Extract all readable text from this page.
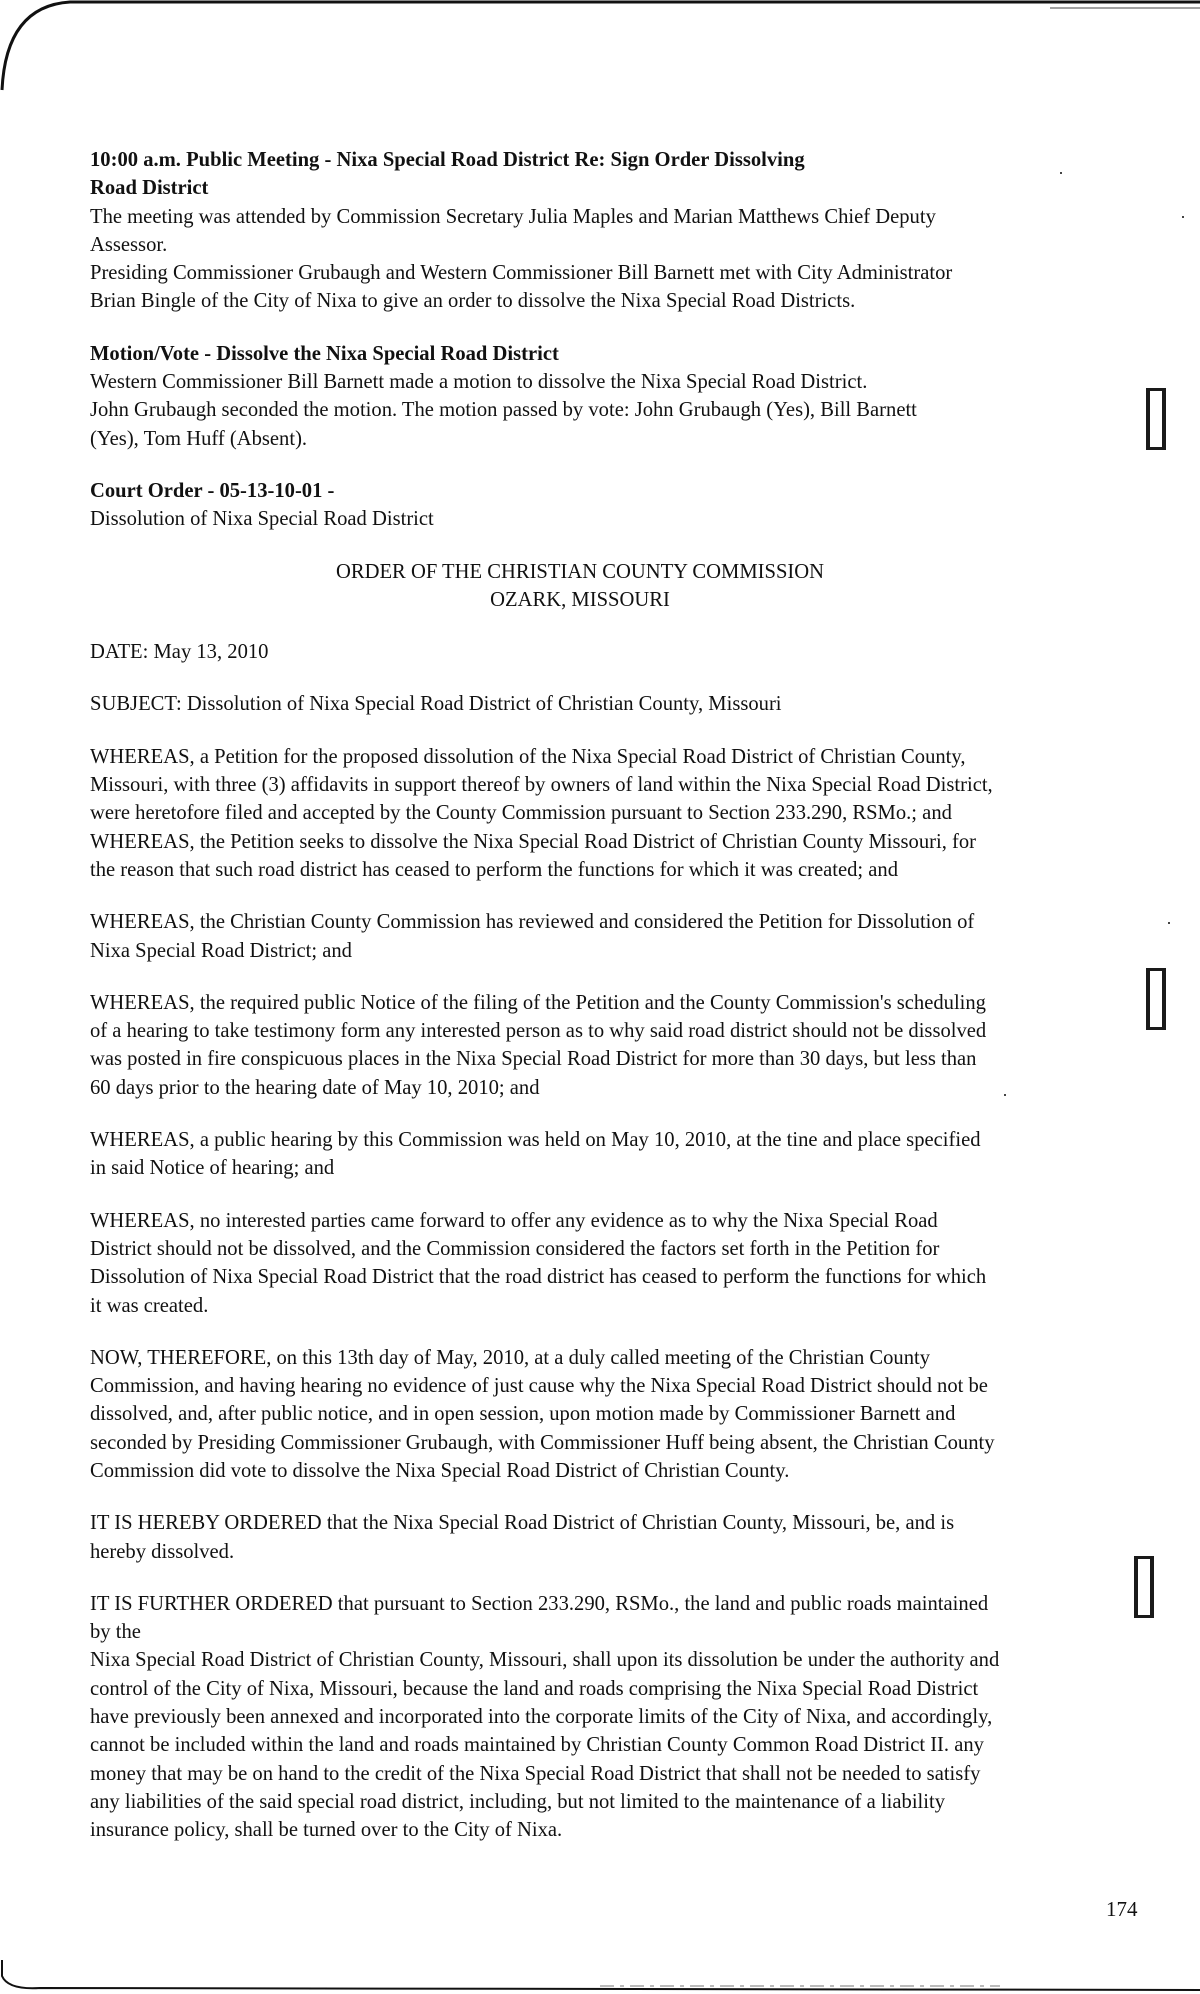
10:00 a.m. Public Meeting - Nixa Special Road District Re: Sign Order Dissolving

Road District

The meeting was attended by Commission Secretary Julia Maples and Marian Matthews Chief Deputy

Assessor.

Presiding Commissioner Grubaugh and Western Commissioner Bill Barnett met with City Administrator

Brian Bingle of the City of Nixa to give an order to dissolve the Nixa Special Road Districts.

Motion/Vote - Dissolve the Nixa Special Road District

Western Commissioner Bill Barnett made a motion to dissolve the Nixa Special Road District.

John Grubaugh seconded the motion. The motion passed by vote: John Grubaugh (Yes), Bill Barnett

(Yes), Tom Huff (Absent).

Court Order - 05-13-10-01 -

Dissolution of Nixa Special Road District

ORDER OF THE CHRISTIAN COUNTY COMMISSION

OZARK, MISSOURI

DATE: May 13, 2010

SUBJECT: Dissolution of Nixa Special Road District of Christian County, Missouri

WHEREAS, a Petition for the proposed dissolution of the Nixa Special Road District of Christian County,

Missouri, with three (3) affidavits in support thereof by owners of land within the Nixa Special Road District,

were heretofore filed and accepted by the County Commission pursuant to Section 233.290, RSMo.; and

WHEREAS, the Petition seeks to dissolve the Nixa Special Road District of Christian County Missouri, for

the reason that such road district has ceased to perform the functions for which it was created; and

WHEREAS, the Christian County Commission has reviewed and considered the Petition for Dissolution of

Nixa Special Road District; and

WHEREAS, the required public Notice of the filing of the Petition and the County Commission's scheduling

of a hearing to take testimony form any interested person as to why said road district should not be dissolved

was posted in fire conspicuous places in the Nixa Special Road District for more than 30 days, but less than

60 days prior to the hearing date of May 10, 2010; and

WHEREAS, a public hearing by this Commission was held on May 10, 2010, at the tine and place specified

in said Notice of hearing; and

WHEREAS, no interested parties came forward to offer any evidence as to why the Nixa Special Road

District should not be dissolved, and the Commission considered the factors set forth in the Petition for

Dissolution of Nixa Special Road District that the road district has ceased to perform the functions for which

it was created.

NOW, THEREFORE, on this 13th day of May, 2010, at a duly called meeting of the Christian County

Commission, and having hearing no evidence of just cause why the Nixa Special Road District should not be

dissolved, and, after public notice, and in open session, upon motion made by Commissioner Barnett and

seconded by Presiding Commissioner Grubaugh, with Commissioner Huff being absent, the Christian County

Commission did vote to dissolve the Nixa Special Road District of Christian County.

IT IS HEREBY ORDERED that the Nixa Special Road District of Christian County, Missouri, be, and is

hereby dissolved.

IT IS FURTHER ORDERED that pursuant to Section 233.290, RSMo., the land and public roads maintained

by the

Nixa Special Road District of Christian County, Missouri, shall upon its dissolution be under the authority and

control of the City of Nixa, Missouri, because the land and roads comprising the Nixa Special Road District

have previously been annexed and incorporated into the corporate limits of the City of Nixa, and accordingly,

cannot be included within the land and roads maintained by Christian County Common Road District II. any

money that may be on hand to the credit of the Nixa Special Road District that shall not be needed to satisfy

any liabilities of the said special road district, including, but not limited to the maintenance of a liability

insurance policy, shall be turned over to the City of Nixa.

174
